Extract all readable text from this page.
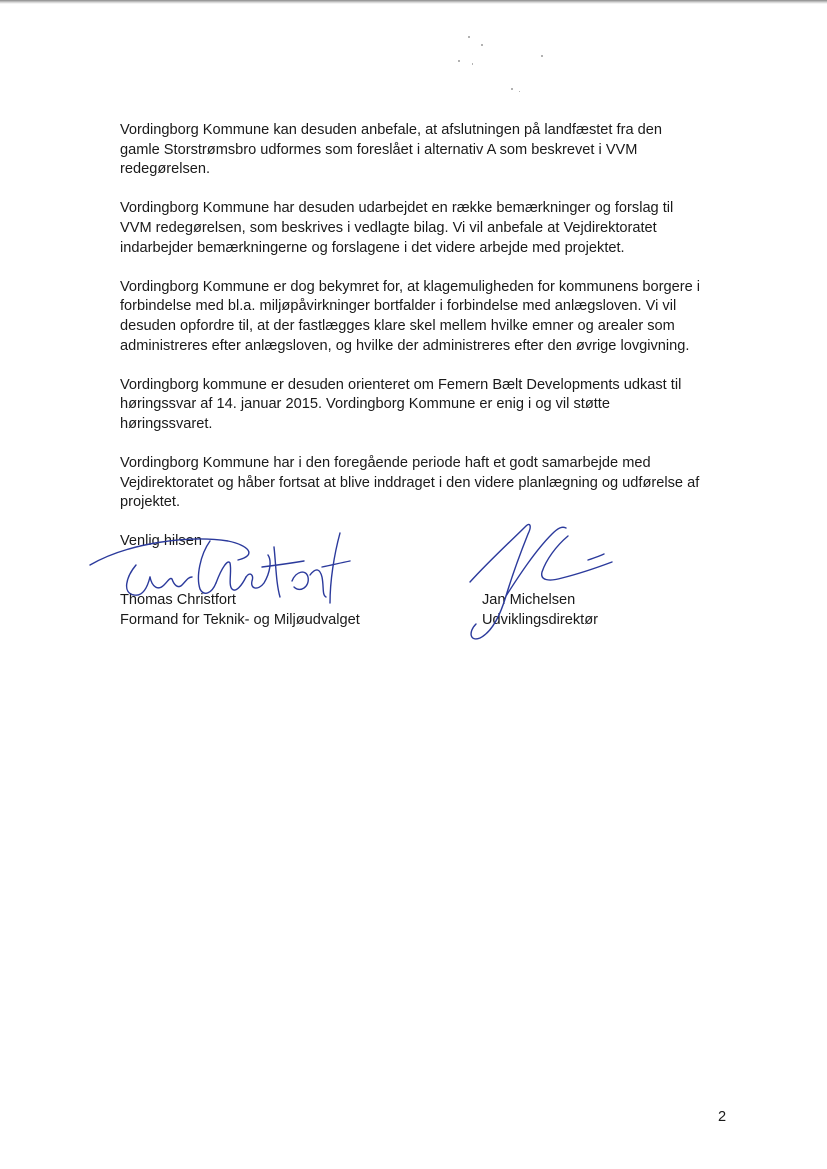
Vordingborg Kommune kan desuden anbefale, at afslutningen på landfæstet fra den
gamle Storstrømsbro udformes som foreslået i alternativ A som beskrevet i VVM
redegørelsen.

Vordingborg Kommune har desuden udarbejdet en række bemærkninger og forslag til
VVM redegørelsen, som beskrives i vedlagte bilag. Vi vil anbefale at Vejdirektoratet
indarbejder bemærkningerne og forslagene i det videre arbejde med projektet.

Vordingborg Kommune er dog bekymret for, at klagemuligheden for kommunens borgere i
forbindelse med bl.a. miljøpåvirkninger bortfalder i forbindelse med anlægsloven. Vi vil
desuden opfordre til, at der fastlægges klare skel mellem hvilke emner og arealer som
administreres efter anlægsloven, og hvilke der administreres efter den øvrige lovgivning.

Vordingborg kommune er desuden orienteret om Femern Bælt Developments udkast til
høringssvar af 14. januar 2015. Vordingborg Kommune er enig i og vil støtte
høringssvaret.

Vordingborg Kommune har i den foregående periode haft et godt samarbejde med
Vejdirektoratet og håber fortsat at blive inddraget i den videre planlægning og udførelse af
projektet.

Venlig hilsen
Thomas Christfort
Formand for Teknik- og Miljøudvalget
Jan Michelsen
Udviklingsdirektør
2
